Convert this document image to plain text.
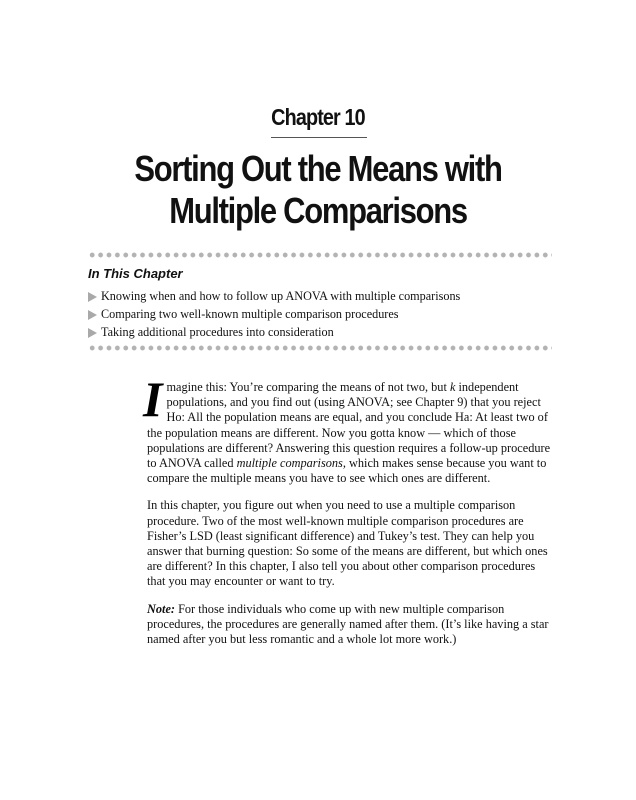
Chapter 10
Sorting Out the Means with
Multiple Comparisons
In This Chapter
Knowing when and how to follow up ANOVA with multiple comparisons
Comparing two well-known multiple comparison procedures
Taking additional procedures into consideration

Imagine this: You’re comparing the means of not two, but k independent populations, and you find out (using ANOVA; see Chapter 9) that you reject Ho: All the population means are equal, and you conclude Ha: At least two of the population means are different. Now you gotta know — which of those populations are different? Answering this question requires a follow-up procedure to ANOVA called multiple comparisons, which makes sense because you want to compare the multiple means you have to see which ones are different.

In this chapter, you figure out when you need to use a multiple comparison procedure. Two of the most well-known multiple comparison procedures are Fisher’s LSD (least significant difference) and Tukey’s test. They can help you answer that burning question: So some of the means are different, but which ones are different? In this chapter, I also tell you about other comparison procedures that you may encounter or want to try.

Note: For those individuals who come up with new multiple comparison procedures, the procedures are generally named after them. (It’s like having a star named after you but less romantic and a whole lot more work.)
